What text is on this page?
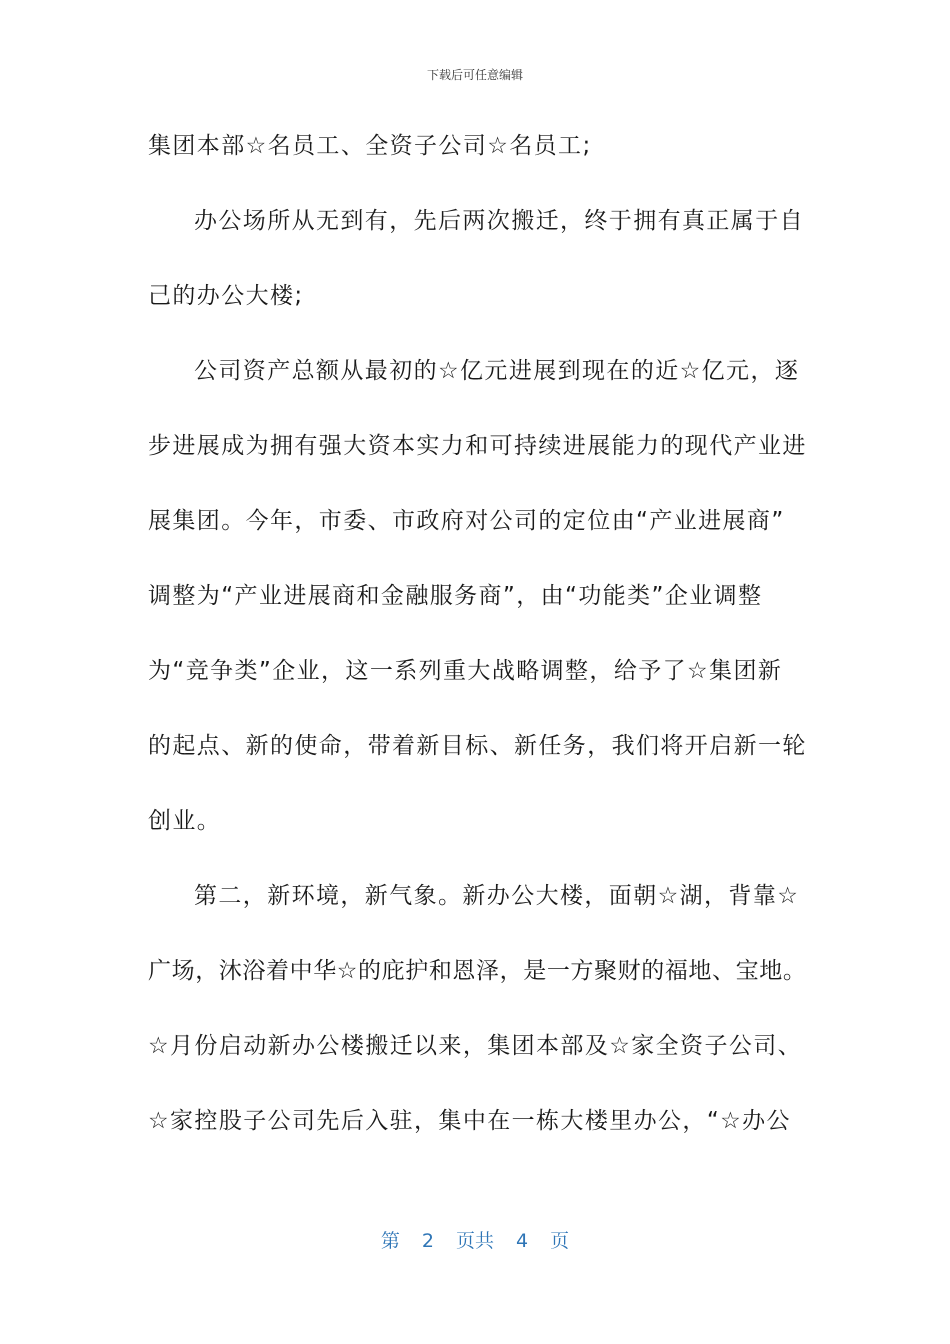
下载后可任意编辑
集团本部☆名员工、全资子公司☆名员工;
办公场所从无到有，先后两次搬迁，终于拥有真正属于自
己的办公大楼;
公司资产总额从最初的☆亿元进展到现在的近☆亿元，逐
步进展成为拥有强大资本实力和可持续进展能力的现代产业进
展集团。今年，市委、市政府对公司的定位由“产业进展商”
调整为“产业进展商和金融服务商”，由“功能类”企业调整
为“竞争类”企业，这一系列重大战略调整，给予了☆集团新
的起点、新的使命，带着新目标、新任务，我们将开启新一轮
创业。
第二，新环境，新气象。新办公大楼，面朝☆湖，背靠☆
广场，沐浴着中华☆的庇护和恩泽，是一方聚财的福地、宝地。
☆月份启动新办公楼搬迁以来，集团本部及☆家全资子公司、
☆家控股子公司先后入驻，集中在一栋大楼里办公，“☆办公
第 2 页共 4 页
